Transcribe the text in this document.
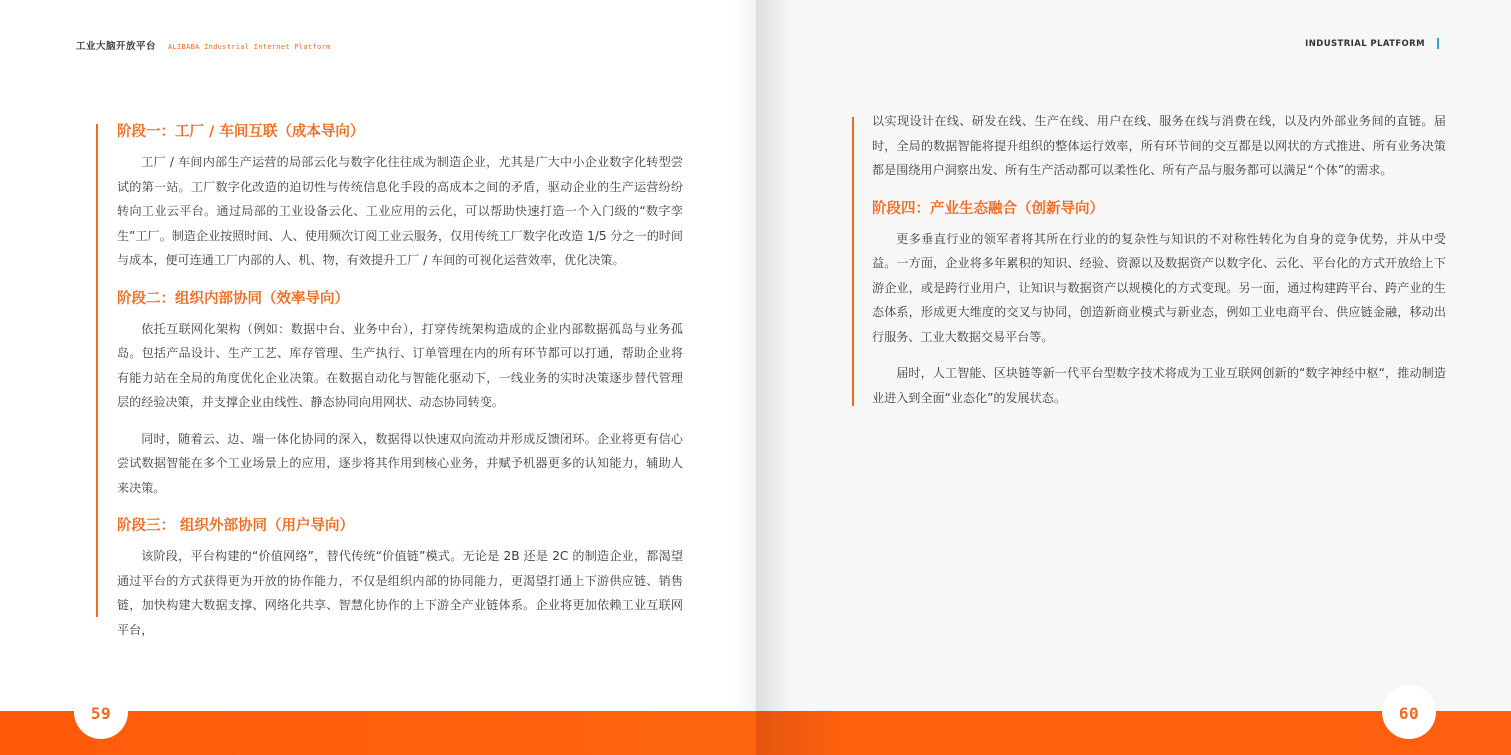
工业大脑开放平台 ALIBABA Industrial Internet Platform
阶段一：工厂 / 车间互联（成本导向）

工厂 / 车间内部生产运营的局部云化与数字化往往成为制造企业，尤其是广大中小企业数字化转型尝试的第一站。工厂数字化改造的迫切性与传统信息化手段的高成本之间的矛盾，驱动企业的生产运营纷纷转向工业云平台。通过局部的工业设备云化、工业应用的云化，可以帮助快速打造一个入门级的“数字孪生”工厂。制造企业按照时间、人、使用频次订阅工业云服务，仅用传统工厂数字化改造 1/5 分之一的时间与成本，便可连通工厂内部的人、机、物，有效提升工厂 / 车间的可视化运营效率，优化决策。

阶段二：组织内部协同（效率导向）

依托互联网化架构（例如：数据中台、业务中台），打穿传统架构造成的企业内部数据孤岛与业务孤岛。包括产品设计、生产工艺、库存管理、生产执行、订单管理在内的所有环节都可以打通，帮助企业将有能力站在全局的角度优化企业决策。在数据自动化与智能化驱动下，一线业务的实时决策逐步替代管理层的经验决策，并支撑企业由线性、静态协同向用网状、动态协同转变。

同时，随着云、边、端一体化协同的深入，数据得以快速双向流动并形成反馈闭环。企业将更有信心尝试数据智能在多个工业场景上的应用，逐步将其作用到核心业务，并赋予机器更多的认知能力，辅助人来决策。

阶段三： 组织外部协同（用户导向）

该阶段，平台构建的“价值网络”，替代传统“价值链”模式。无论是 2B 还是 2C 的制造企业，都渴望通过平台的方式获得更为开放的协作能力，不仅是组织内部的协同能力，更渴望打通上下游供应链、销售链，加快构建大数据支撑、网络化共享、智慧化协作的上下游全产业链体系。企业将更加依赖工业互联网平台，

59
INDUSTRIAL PLATFORM

以实现设计在线、研发在线、生产在线、用户在线、服务在线与消费在线，以及内外部业务间的直链。届时，全局的数据智能将提升组织的整体运行效率，所有环节间的交互都是以网状的方式推进、所有业务决策都是围绕用户洞察出发、所有生产活动都可以柔性化、所有产品与服务都可以满足“个体”的需求。

阶段四：产业生态融合（创新导向）

更多垂直行业的领军者将其所在行业的的复杂性与知识的不对称性转化为自身的竞争优势，并从中受益。一方面，企业将多年累积的知识、经验、资源以及数据资产以数字化、云化、平台化的方式开放给上下游企业，或是跨行业用户，让知识与数据资产以规模化的方式变现。另一面，通过构建跨平台、跨产业的生态体系，形成更大维度的交叉与协同，创造新商业模式与新业态，例如工业电商平台、供应链金融，移动出行服务、工业大数据交易平台等。

届时，人工智能、区块链等新一代平台型数字技术将成为工业互联网创新的“数字神经中枢“，推动制造业进入到全面“业态化”的发展状态。

60
